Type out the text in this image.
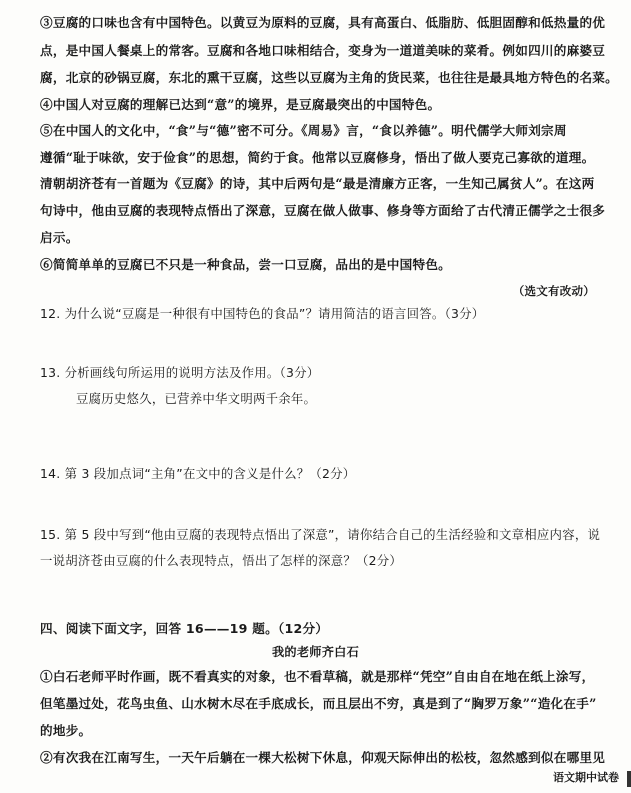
③豆腐的口味也含有中国特色。以黄豆为原料的豆腐，具有高蛋白、低脂肪、低胆固醇和低热量的优
点，是中国人餐桌上的常客。豆腐和各地口味相结合，变身为一道道美味的菜肴。例如四川的麻婆豆
腐，北京的砂锅豆腐，东北的熏干豆腐，这些以豆腐为主角的货民菜，也往往是最具地方特色的名菜。
④中国人对豆腐的理解已达到“意”的境界，是豆腐最突出的中国特色。
⑤在中国人的文化中，“食”与“德”密不可分。《周易》言，“食以养德”。明代儒学大师刘宗周
遵循“耻于味欲，安于俭食”的思想，简约于食。他常以豆腐修身，悟出了做人要克己寡欲的道理。
清朝胡济苍有一首题为《豆腐》的诗，其中后两句是“最是清廉方正客，一生知己属贫人”。在这两
句诗中，他由豆腐的表现特点悟出了深意，豆腐在做人做事、修身等方面给了古代清正儒学之士很多
启示。
⑥简简单单的豆腐已不只是一种食品，尝一口豆腐，品出的是中国特色。
（选文有改动）
12. 为什么说“豆腐是一种很有中国特色的食品”？请用简洁的语言回答。（3分）
13. 分析画线句所运用的说明方法及作用。（3分）
豆腐历史悠久，已营养中华文明两千余年。
14. 第 3 段加点词“主角”在文中的含义是什么？（2分）
15. 第 5 段中写到“他由豆腐的表现特点悟出了深意”，请你结合自己的生活经验和文章相应内容，说
一说胡济苍由豆腐的什么表现特点，悟出了怎样的深意？（2分）
四、阅读下面文字，回答 16——19 题。（12分）
我的老师齐白石
①白石老师平时作画，既不看真实的对象，也不看草稿，就是那样“凭空”自由自在地在纸上涂写，
但笔墨过处，花鸟虫鱼、山水树木尽在手底成长，而且层出不穷，真是到了“胸罗万象”“造化在手”
的地步。
②有次我在江南写生，一天午后躺在一棵大松树下休息，仰观天际伸出的松枝，忽然感到似在哪里见
语文期中试卷
